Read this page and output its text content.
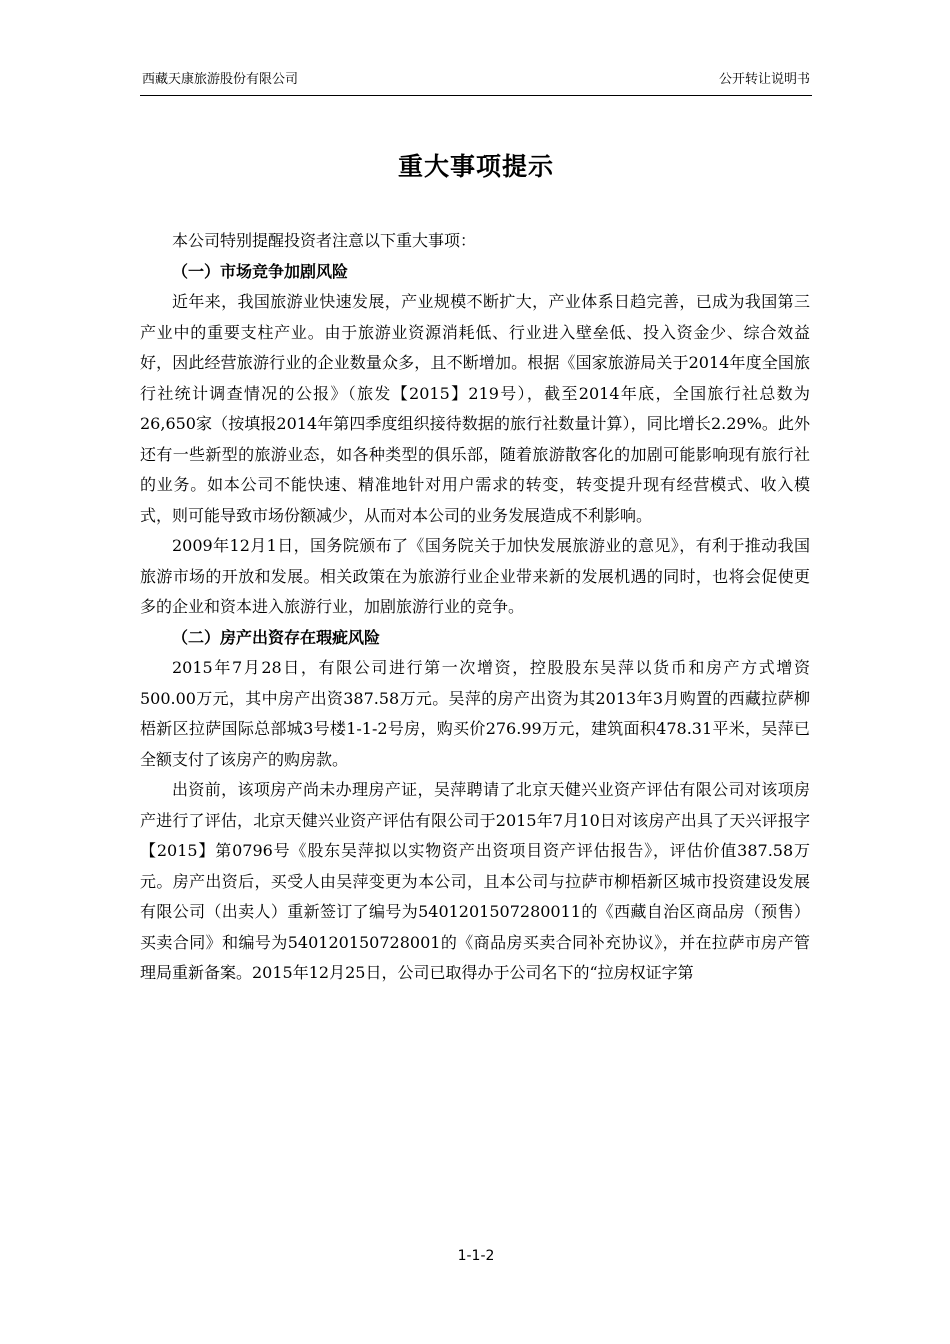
西藏天康旅游股份有限公司	公开转让说明书
重大事项提示

本公司特别提醒投资者注意以下重大事项：

（一）市场竞争加剧风险

近年来，我国旅游业快速发展，产业规模不断扩大，产业体系日趋完善，已成为我国第三产业中的重要支柱产业。由于旅游业资源消耗低、行业进入壁垒低、投入资金少、综合效益好，因此经营旅游行业的企业数量众多，且不断增加。根据《国家旅游局关于2014年度全国旅行社统计调查情况的公报》（旅发【2015】219号），截至2014年底，全国旅行社总数为26,650家（按填报2014年第四季度组织接待数据的旅行社数量计算），同比增长2.29%。此外还有一些新型的旅游业态，如各种类型的俱乐部，随着旅游散客化的加剧可能影响现有旅行社的业务。如本公司不能快速、精准地针对用户需求的转变，转变提升现有经营模式、收入模式，则可能导致市场份额减少，从而对本公司的业务发展造成不利影响。

2009年12月1日，国务院颁布了《国务院关于加快发展旅游业的意见》，有利于推动我国旅游市场的开放和发展。相关政策在为旅游行业企业带来新的发展机遇的同时，也将会促使更多的企业和资本进入旅游行业，加剧旅游行业的竞争。

（二）房产出资存在瑕疵风险

2015年7月28日，有限公司进行第一次增资，控股股东吴萍以货币和房产方式增资500.00万元，其中房产出资387.58万元。吴萍的房产出资为其2013年3月购置的西藏拉萨柳梧新区拉萨国际总部城3号楼1-1-2号房，购买价276.99万元，建筑面积478.31平米，吴萍已全额支付了该房产的购房款。

出资前，该项房产尚未办理房产证，吴萍聘请了北京天健兴业资产评估有限公司对该项房产进行了评估，北京天健兴业资产评估有限公司于2015年7月10日对该房产出具了天兴评报字【2015】第0796号《股东吴萍拟以实物资产出资项目资产评估报告》，评估价值387.58万元。房产出资后，买受人由吴萍变更为本公司，且本公司与拉萨市柳梧新区城市投资建设发展有限公司（出卖人）重新签订了编号为5401201507280011的《西藏自治区商品房（预售）买卖合同》和编号为540120150728001的《商品房买卖合同补充协议》，并在拉萨市房产管理局重新备案。2015年12月25日，公司已取得办于公司名下的“拉房权证字第

1-1-2
